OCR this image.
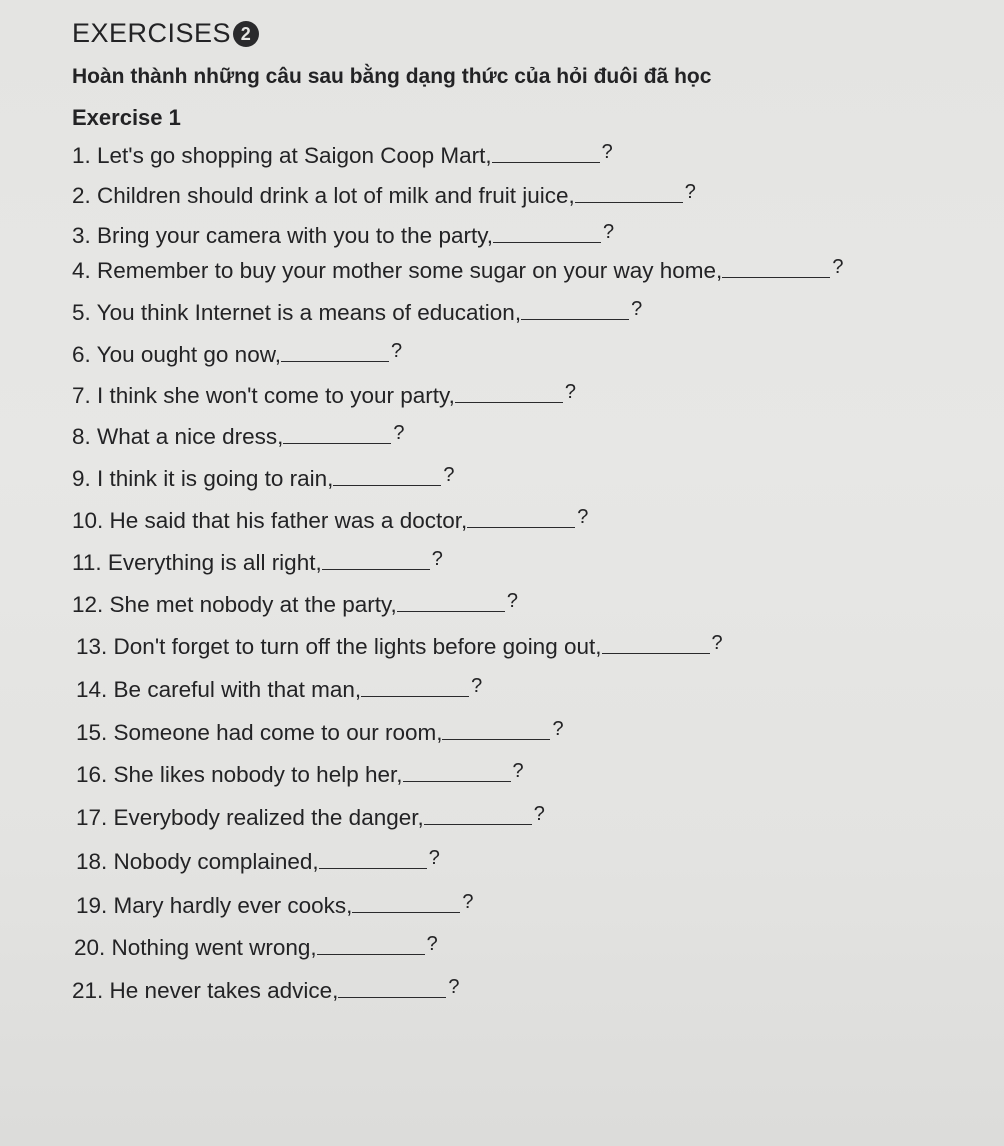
EXERCISES 2
Hoàn thành những câu sau bằng dạng thức của hỏi đuôi đã học
Exercise 1
1. Let's go shopping at Saigon Coop Mart,	?
2. Children should drink a lot of milk and fruit juice,	?
3. Bring your camera with you to the party,	?
4. Remember to buy your mother some sugar on your way home,	?
5. You think Internet is a means of education,	?
6. You ought go now,	?
7. I think she won't come to your party,	?
8. What a nice dress,	?
9. I think it is going to rain,	?
10. He said that his father was a doctor,	?
11. Everything is all right,	?
12. She met nobody at the party,	?
13. Don't forget to turn off the lights before going out,	?
14. Be careful with that man,	?
15. Someone had come to our room,	?
16. She likes nobody to help her,	?
17. Everybody realized the danger,	?
18. Nobody complained,	?
19. Mary hardly ever cooks,	?
20. Nothing went wrong,	?
21. He never takes advice,	?
